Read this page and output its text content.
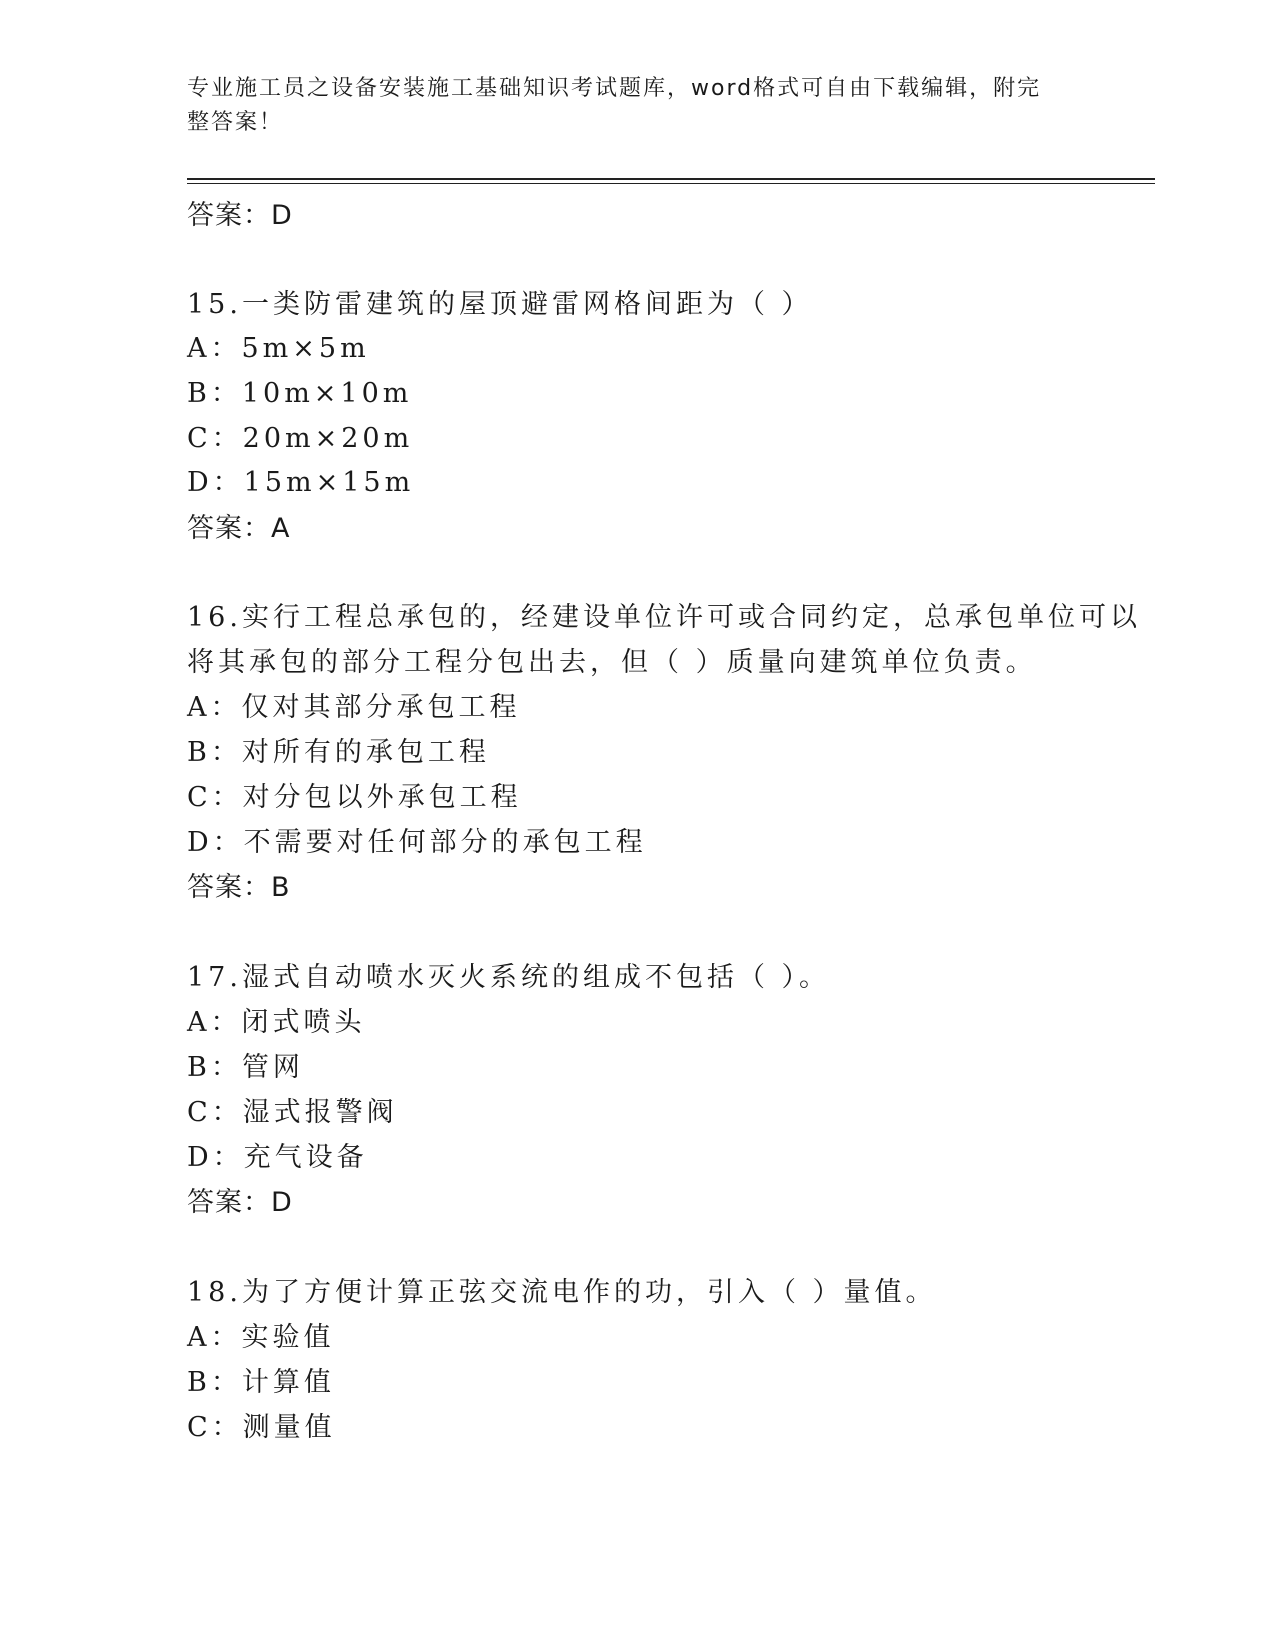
专业施工员之设备安装施工基础知识考试题库，word格式可自由下载编辑，附完
整答案！
答案：D
15.一类防雷建筑的屋顶避雷网格间距为（ ）
A：5m×5m
B：10m×10m
C：20m×20m
D：15m×15m
答案：A
16.实行工程总承包的，经建设单位许可或合同约定，总承包单位可以
将其承包的部分工程分包出去，但（ ）质量向建筑单位负责。
A：仅对其部分承包工程
B：对所有的承包工程
C：对分包以外承包工程
D：不需要对任何部分的承包工程
答案：B
17.湿式自动喷水灭火系统的组成不包括（ ）。
A：闭式喷头
B：管网
C：湿式报警阀
D：充气设备
答案：D
18.为了方便计算正弦交流电作的功，引入（ ）量值。
A：实验值
B：计算值
C：测量值
